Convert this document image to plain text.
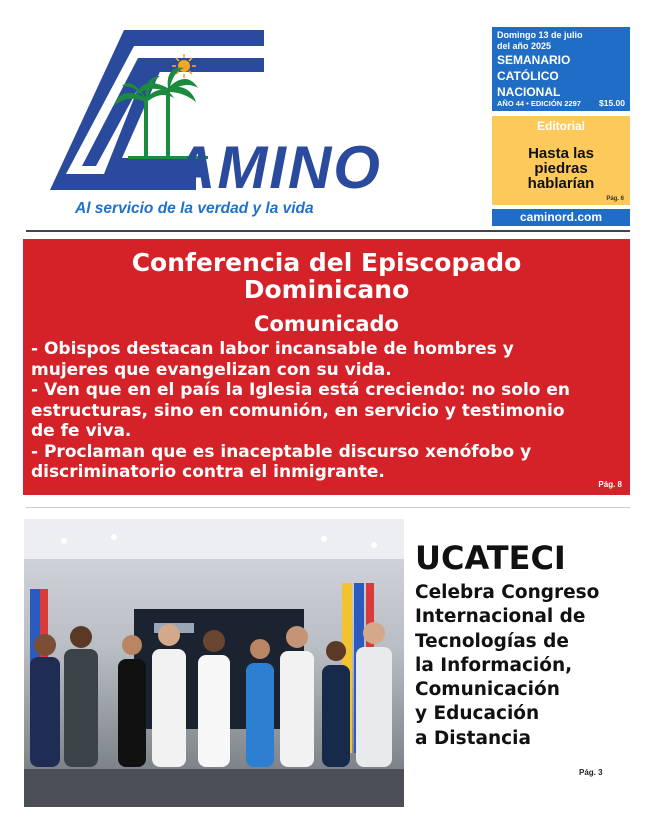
AMINO
Al servicio de la verdad y la vida
Domingo 13 de julio
del año 2025
SEMANARIO
CATÓLICO
NACIONAL
AÑO 44 • EDICIÓN 2297 $15.00
Editorial
Hasta las
piedras
hablarían
Pág. 6
caminord.com
Conferencia del Episcopado
Dominicano
Comunicado
- Obispos destacan labor incansable de hombres y
mujeres que evangelizan con su vida.
- Ven que en el país la Iglesia está creciendo: no solo en
estructuras, sino en comunión, en servicio y testimonio
de fe viva.
- Proclaman que es inaceptable discurso xenófobo y
discriminatorio contra el inmigrante.
Pág. 8
UCATECI
Celebra Congreso
Internacional de
Tecnologías de
la Información,
Comunicación
y Educación
a Distancia
Pág. 3
